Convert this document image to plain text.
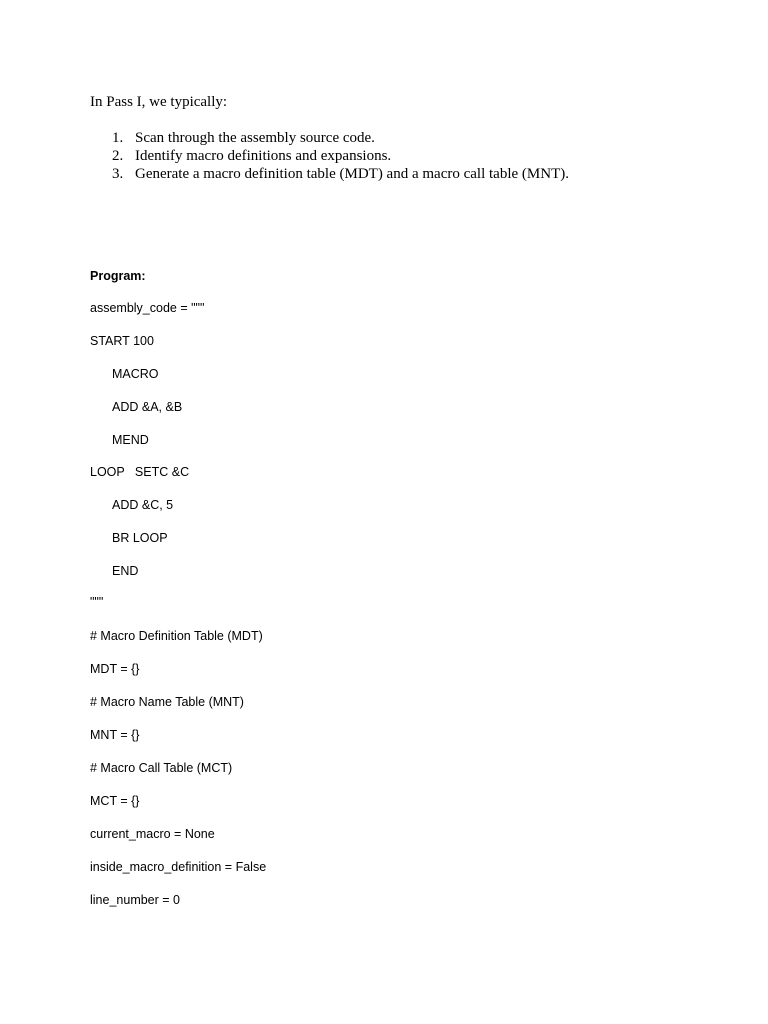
In Pass I, we typically:
1. Scan through the assembly source code.
2. Identify macro definitions and expansions.
3. Generate a macro definition table (MDT) and a macro call table (MNT).
Program:
assembly_code = """
START 100
MACRO
ADD &A, &B
MEND
LOOP   SETC &C
ADD &C, 5
BR LOOP
END
"""
# Macro Definition Table (MDT)
MDT = {}
# Macro Name Table (MNT)
MNT = {}
# Macro Call Table (MCT)
MCT = {}
current_macro = None
inside_macro_definition = False
line_number = 0
